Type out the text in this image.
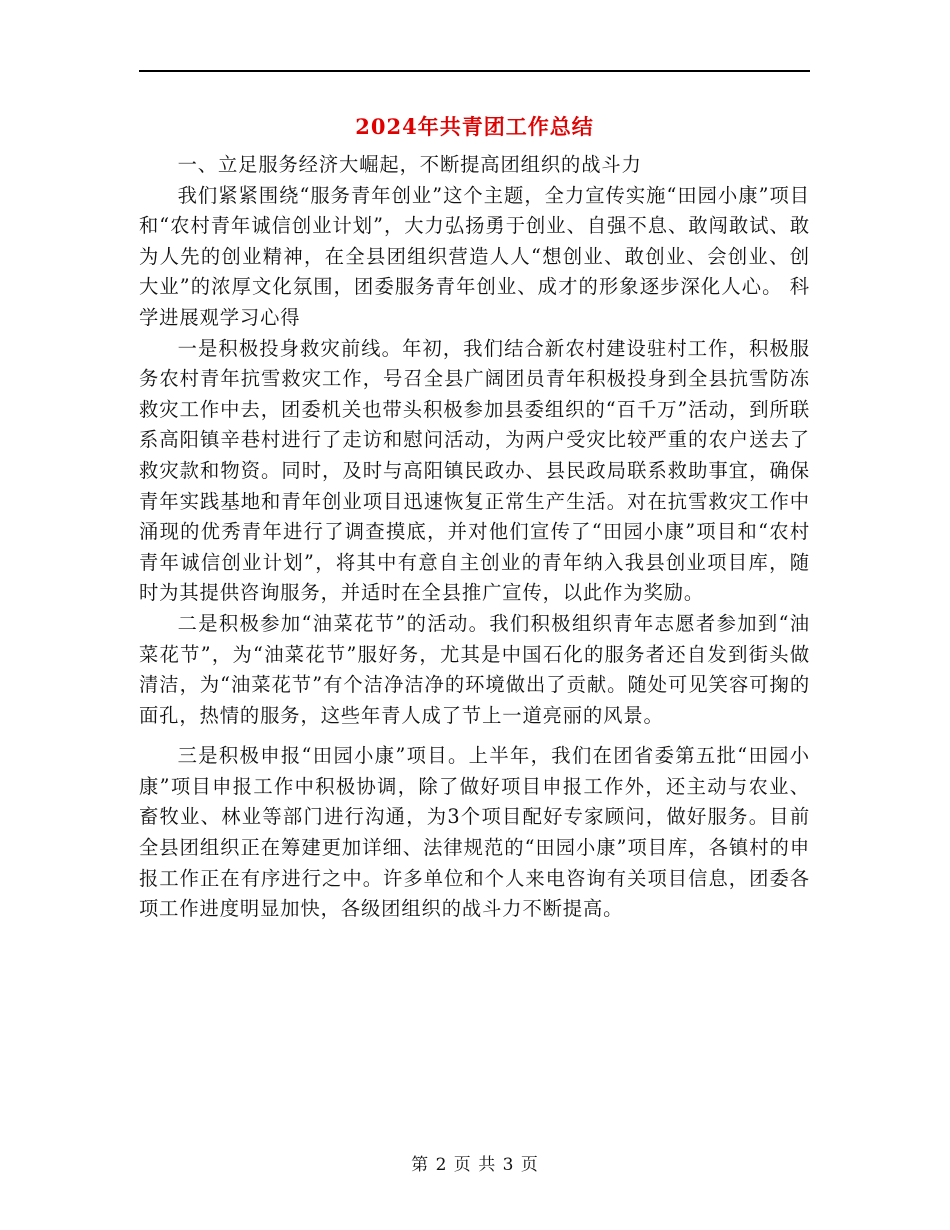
2024年共青团工作总结

一、立足服务经济大崛起，不断提高团组织的战斗力

我们紧紧围绕“服务青年创业”这个主题，全力宣传实施“田园小康”项目和“农村青年诚信创业计划”，大力弘扬勇于创业、自强不息、敢闯敢试、敢为人先的创业精神，在全县团组织营造人人“想创业、敢创业、会创业、创大业”的浓厚文化氛围，团委服务青年创业、成才的形象逐步深化人心。 科学进展观学习心得

一是积极投身救灾前线。年初，我们结合新农村建设驻村工作，积极服务农村青年抗雪救灾工作，号召全县广阔团员青年积极投身到全县抗雪防冻救灾工作中去，团委机关也带头积极参加县委组织的“百千万”活动，到所联系高阳镇辛巷村进行了走访和慰问活动，为两户受灾比较严重的农户送去了救灾款和物资。同时，及时与高阳镇民政办、县民政局联系救助事宜，确保青年实践基地和青年创业项目迅速恢复正常生产生活。对在抗雪救灾工作中涌现的优秀青年进行了调查摸底，并对他们宣传了“田园小康”项目和“农村青年诚信创业计划”，将其中有意自主创业的青年纳入我县创业项目库，随时为其提供咨询服务，并适时在全县推广宣传，以此作为奖励。

二是积极参加“油菜花节”的活动。我们积极组织青年志愿者参加到“油菜花节”，为“油菜花节”服好务，尤其是中国石化的服务者还自发到街头做清洁，为“油菜花节”有个洁净洁净的环境做出了贡献。随处可见笑容可掬的面孔，热情的服务，这些年青人成了节上一道亮丽的风景。

三是积极申报“田园小康”项目。上半年，我们在团省委第五批“田园小康”项目申报工作中积极协调，除了做好项目申报工作外，还主动与农业、畜牧业、林业等部门进行沟通，为3个项目配好专家顾问，做好服务。目前全县团组织正在筹建更加详细、法律规范的“田园小康”项目库，各镇村的申报工作正在有序进行之中。许多单位和个人来电咨询有关项目信息，团委各项工作进度明显加快，各级团组织的战斗力不断提高。

第 2 页 共 3 页
